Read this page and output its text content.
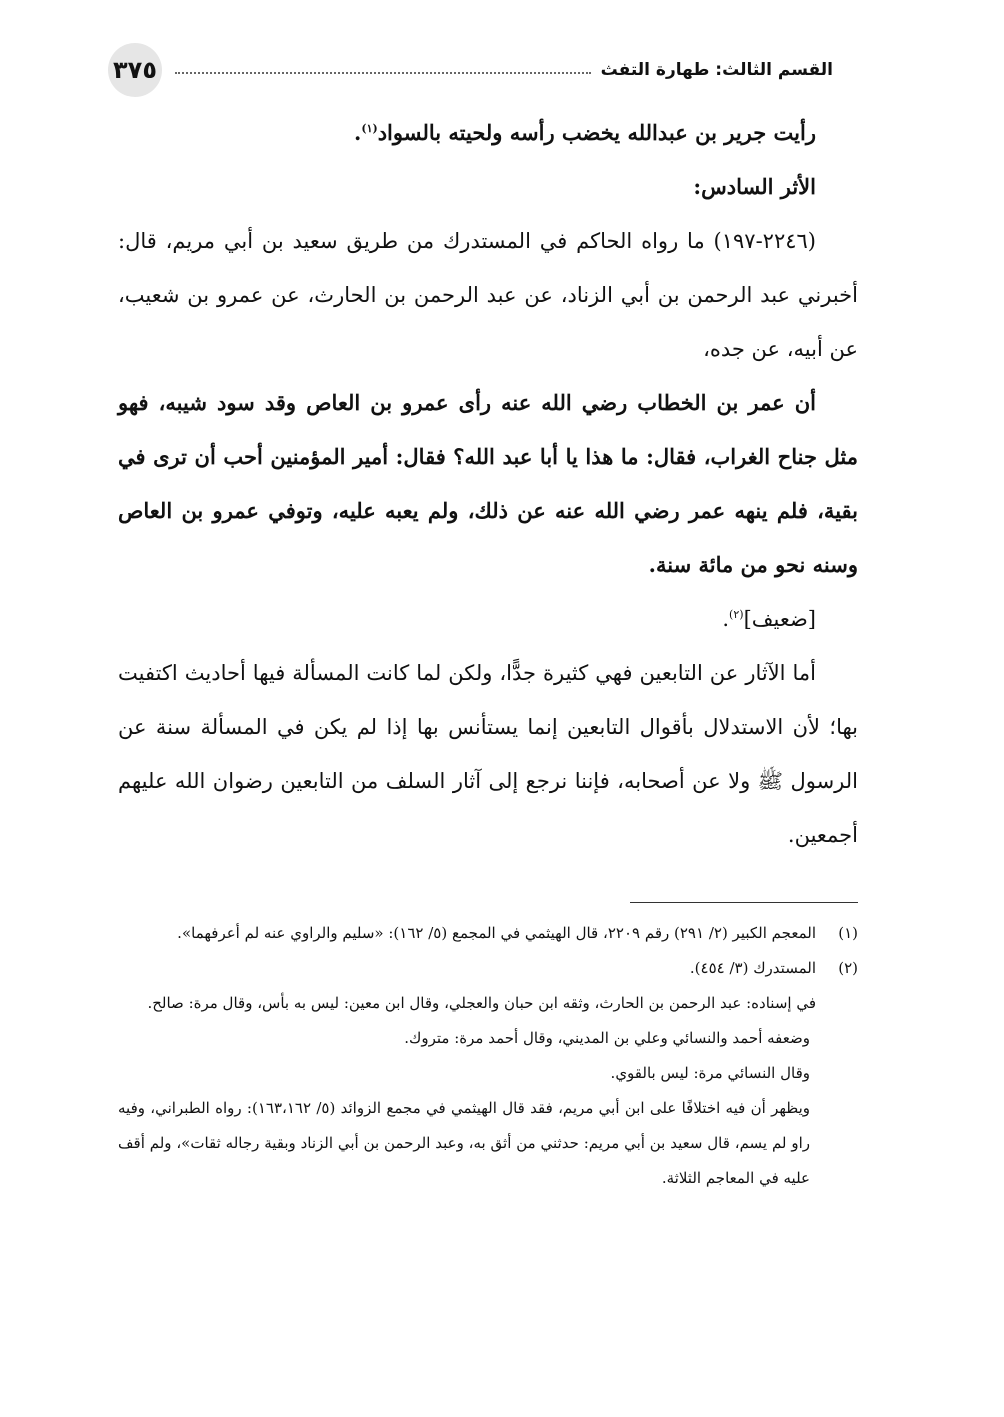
٣٧٥	القسم الثالث: طهارة التفث

رأيت جرير بن عبدالله يخضب رأسه ولحيته بالسواد$^{(١)}$.

الأثر السادس:

(٢٢٤٦-١٩٧) ما رواه الحاكم في المستدرك من طريق سعيد بن أبي مريم، قال: أخبرني عبد الرحمن بن أبي الزناد، عن عبد الرحمن بن الحارث، عن عمرو بن شعيب، عن أبيه، عن جده،

أن عمر بن الخطاب رضي الله عنه رأى عمرو بن العاص وقد سود شيبه، فهو مثل جناح الغراب، فقال: ما هذا يا أبا عبد الله؟ فقال: أمير المؤمنين أحب أن ترى في بقية، فلم ينهه عمر رضي الله عنه عن ذلك، ولم يعبه عليه، وتوفي عمرو بن العاص وسنه نحو من مائة سنة.

[ضعيف]$^{(٢)}$.

أما الآثار عن التابعين فهي كثيرة جدًّا، ولكن لما كانت المسألة فيها أحاديث اكتفيت بها؛ لأن الاستدلال بأقوال التابعين إنما يستأنس بها إذا لم يكن في المسألة سنة عن الرسول ﷺ ولا عن أصحابه، فإننا نرجع إلى آثار السلف من التابعين رضوان الله عليهم أجمعين.

(١)
المعجم الكبير (٢/ ٢٩١) رقم ٢٢٠٩، قال الهيثمي في المجمع (٥/ ١٦٢): «سليم والراوي عنه لم أعرفهما».
(٢)
المستدرك (٣/ ٤٥٤).
في إسناده: عبد الرحمن بن الحارث، وثقه ابن حبان والعجلي، وقال ابن معين: ليس به بأس، وقال مرة: صالح.
وضعفه أحمد والنسائي وعلي بن المديني، وقال أحمد مرة: متروك.
وقال النسائي مرة: ليس بالقوي.
ويظهر أن فيه اختلافًا على ابن أبي مريم، فقد قال الهيثمي في مجمع الزوائد (٥/ ١٦٣،١٦٢): رواه الطبراني، وفيه راو لم يسم، قال سعيد بن أبي مريم: حدثني من أثق به، وعبد الرحمن بن أبي الزناد وبقية رجاله ثقات»، ولم أقف عليه في المعاجم الثلاثة.
